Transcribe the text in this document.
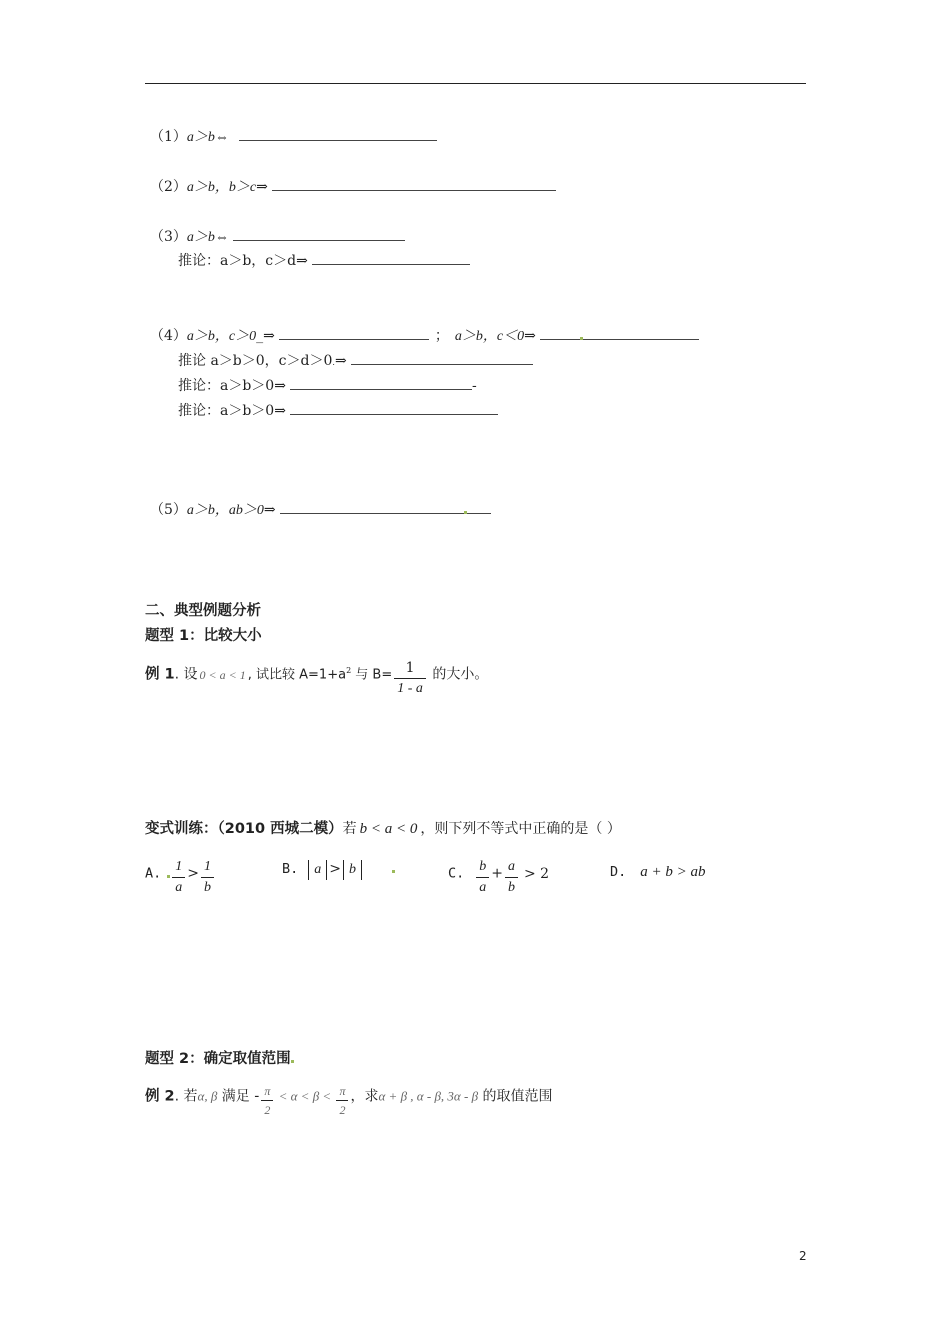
（1）a＞b⇔
（2）a＞b，b＞c⇒
（3）a＞b⇔
推论：a＞b，c＞d⇒
（4）a＞b，c＞0_⇒	； a＞b，c＜0⇒
推论 a＞b＞0，c＞d＞0.⇒
推论：a＞b＞0⇒	-
推论：a＞b＞0⇒
（5）a＞b，ab＞0⇒
二、典型例题分析
题型 1：比较大小
例 1. 设 0 < a < 1 , 试比较 $A=1+a^2$ 与 $B= \frac{1}{1 - a}$ 的大小。
变式训练：（2010 西城二模）若 b < a < 0 ，则下列不等式中正确的是（ ）
A. $\frac{1}{a} > \frac{1}{b}$	B. a > b	C. $\frac{b}{a} + \frac{a}{b} > 2$	D. a + b > ab
题型 2：确定取值范围
例 2. 若α, β 满足 - $\frac{\pi}{2} < \alpha < \beta < \frac{\pi}{2}$ ，求α + β , α - β, 3α - β 的取值范围
2
